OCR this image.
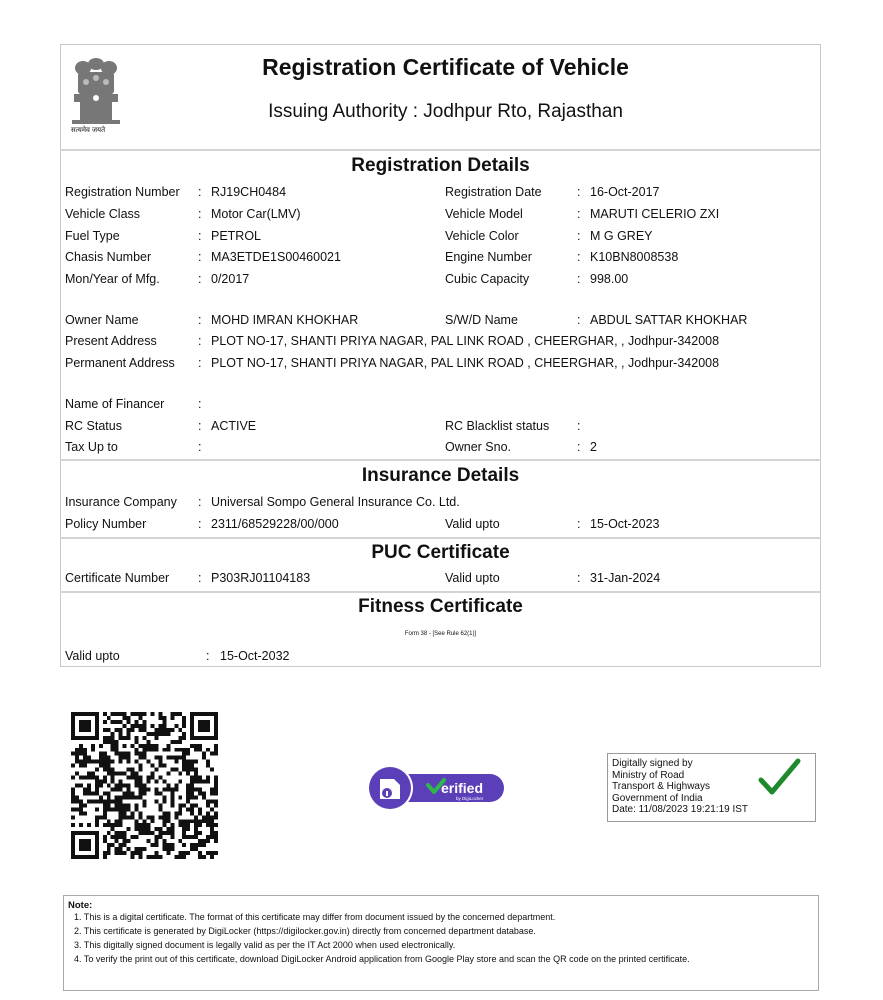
सत्यमेव जयते
Registration Certificate of Vehicle
Issuing Authority : Jodhpur Rto, Rajasthan
Registration Details
Registration Number : RJ19CH0484	Registration Date	: 16-Oct-2017
Vehicle Class	: Motor Car(LMV)	Vehicle Model	: MARUTI CELERIO ZXI
Fuel Type	: PETROL	Vehicle Color	: M G GREY
Chasis Number	: MA3ETDE1S00460021	Engine Number	: K10BN8008538
Mon/Year of Mfg.	: 0/2017	Cubic Capacity	: 998.00
Owner Name	: MOHD IMRAN KHOKHAR	S/W/D Name	: ABDUL SATTAR KHOKHAR
Present Address	: PLOT NO-17, SHANTI PRIYA NAGAR, PAL LINK ROAD , CHEERGHAR, , Jodhpur-342008
Permanent Address : PLOT NO-17, SHANTI PRIYA NAGAR, PAL LINK ROAD , CHEERGHAR, , Jodhpur-342008
Name of Financer	:
RC Status	: ACTIVE	RC Blacklist status :
Tax Up to	:	Owner Sno.	: 2
Insurance Details
Insurance Company : Universal Sompo General Insurance Co. Ltd.
Policy Number	: 2311/68529228/00/000	Valid upto	: 15-Oct-2023
PUC Certificate
Certificate Number : P303RJ01104183	Valid upto	: 31-Jan-2024
Fitness Certificate
Form 38 - [See Rule 62(1)]
Valid upto	: 15-Oct-2032
erified
by DigiLocker
Digitally signed by
Ministry of Road
Transport & Highways
Government of India
Date: 11/08/2023 19:21:19 IST
Note:
1. This is a digital certificate. The format of this certificate may differ from document issued by the concerned department.
2. This certificate is generated by DigiLocker (https://digilocker.gov.in) directly from concerned department database.
3. This digitally signed document is legally valid as per the IT Act 2000 when used electronically.
4. To verify the print out of this certificate, download DigiLocker Android application from Google Play store and scan the QR code on the printed certificate.
